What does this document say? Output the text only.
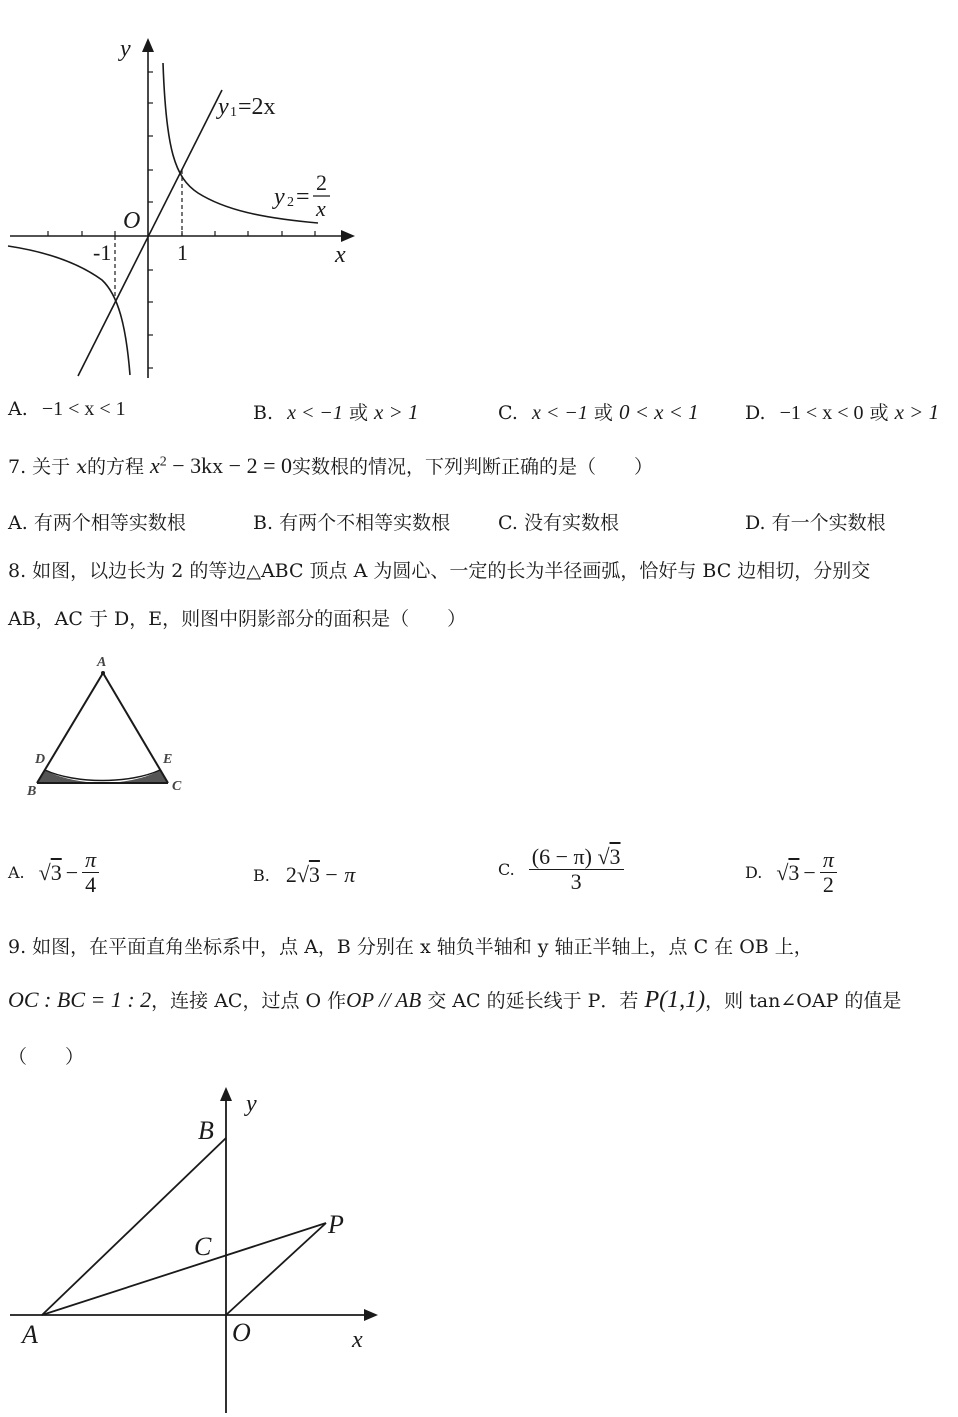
y
x
O
-1	1
y 1 =2x
y 2 =
2
x
A. −1 < x < 1	B. x < −1 或 x > 1	C. x < −1 或 0 < x < 1 D. −1 < x < 0 或 x > 1
7. 关于 x的方程 $x^2 - 3kx - 2 = 0$实数根的情况，下列判断正确的是（　　）
A. 有两个相等实数根	B. 有两个不相等实数根	C. 没有实数根	D. 有一个实数根
8. 如图，以边长为 2 的等边△ABC 顶点 A 为圆心、一定的长为半径画弧，恰好与 BC 边相切，分别交
AB，AC 于 D，E，则图中阴影部分的面积是（　　）
A
D	E
B	C
A. $√3 - \frac{\pi}{4}$	B. 2 √3 − π	C.
(6 − π) √3
3	D. $√3 - \frac{\pi}{2}$
9. 如图，在平面直角坐标系中，点 A，B 分别在 x 轴负半轴和 y 轴正半轴上，点 C 在 OB 上，
OC : BC = 1 : 2，连接 AC，过点 O 作OP // AB 交 AC 的延长线于 P．若 P(1,1)，则 tan∠OAP 的值是
（　　）
y
x
B
C
P
A	O
